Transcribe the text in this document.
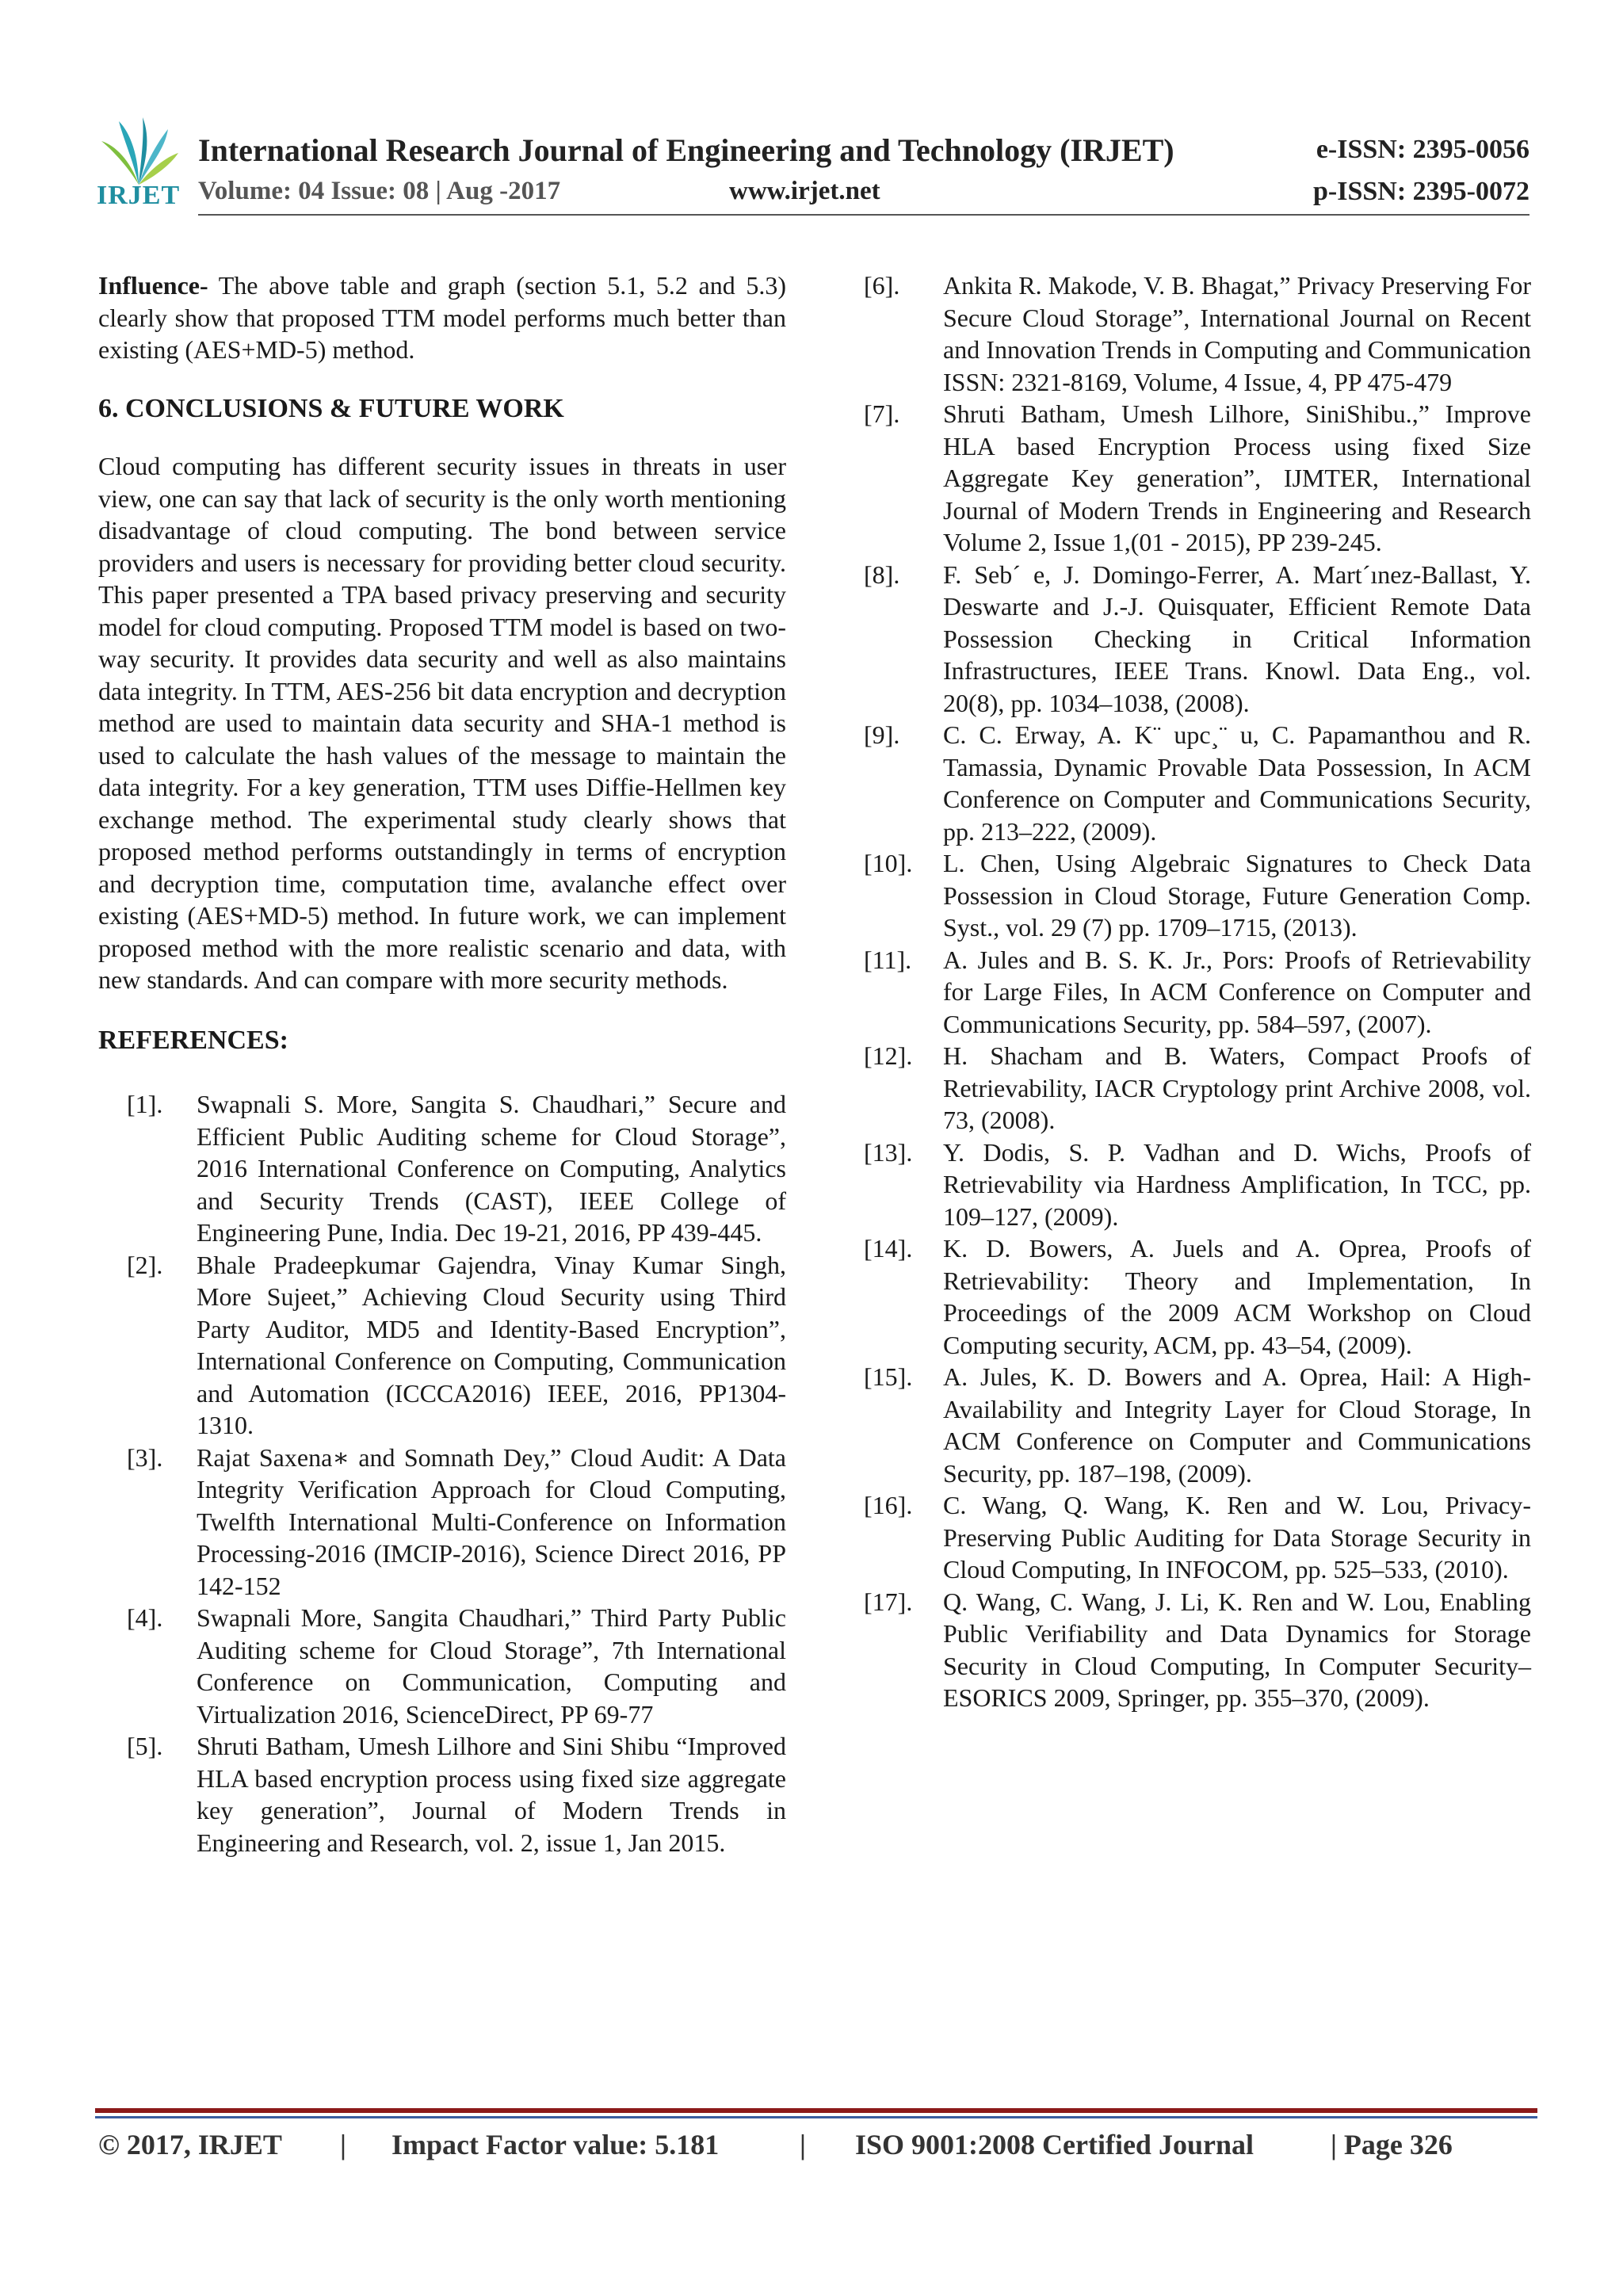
IRJET
International Research Journal of Engineering and Technology (IRJET)	e-ISSN: 2395-0056
Volume: 04 Issue: 08 | Aug -2017	www.irjet.net	p-ISSN: 2395-0072

Influence- The above table and graph (section 5.1, 5.2 and 5.3) clearly show that proposed TTM model performs much better than existing (AES+MD-5) method.

6. CONCLUSIONS & FUTURE WORK

Cloud computing has different security issues in threats in user view, one can say that lack of security is the only worth mentioning disadvantage of cloud computing. The bond between service providers and users is necessary for providing better cloud security. This paper presented a TPA based privacy preserving and security model for cloud computing. Proposed TTM model is based on two-way security. It provides data security and well as also maintains data integrity. In TTM, AES-256 bit data encryption and decryption method are used to maintain data security and SHA-1 method is used to calculate the hash values of the message to maintain the data integrity. For a key generation, TTM uses Diffie-Hellmen key exchange method. The experimental study clearly shows that proposed method performs outstandingly in terms of encryption and decryption time, computation time, avalanche effect over existing (AES+MD-5) method. In future work, we can implement proposed method with the more realistic scenario and data, with new standards. And can compare with more security methods.

REFERENCES:

[1]. Swapnali S. More, Sangita S. Chaudhari,” Secure and Efficient Public Auditing scheme for Cloud Storage”, 2016 International Conference on Computing, Analytics and Security Trends (CAST), IEEE College of Engineering Pune, India. Dec 19-21, 2016, PP 439-445.

[2]. Bhale Pradeepkumar Gajendra, Vinay Kumar Singh, More Sujeet,” Achieving Cloud Security using Third Party Auditor, MD5 and Identity-Based Encryption”, International Conference on Computing, Communication and Automation (ICCCA2016) IEEE, 2016, PP1304-1310.

[3]. Rajat Saxena∗ and Somnath Dey,” Cloud Audit: A Data Integrity Verification Approach for Cloud Computing, Twelfth International Multi-Conference on Information Processing-2016 (IMCIP-2016), Science Direct 2016, PP 142-152

[4]. Swapnali More, Sangita Chaudhari,” Third Party Public Auditing scheme for Cloud Storage”, 7th International Conference on Communication, Computing and Virtualization 2016, ScienceDirect, PP 69-77

[5]. Shruti Batham, Umesh Lilhore and Sini Shibu “Improved HLA based encryption process using fixed size aggregate key generation”, Journal of Modern Trends in Engineering and Research, vol. 2, issue 1, Jan 2015.

[6]. Ankita R. Makode, V. B. Bhagat,” Privacy Preserving For Secure Cloud Storage”, International Journal on Recent and Innovation Trends in Computing and Communication ISSN: 2321-8169, Volume, 4 Issue, 4, PP 475-479

[7]. Shruti Batham, Umesh Lilhore, SiniShibu.,” Improve HLA based Encryption Process using fixed Size Aggregate Key generation”, IJMTER, International Journal of Modern Trends in Engineering and Research Volume 2, Issue 1,(01 - 2015), PP 239-245.

[8]. F. Seb´ e, J. Domingo-Ferrer, A. Mart´ınez-Ballast, Y. Deswarte and J.-J. Quisquater, Efficient Remote Data Possession Checking in Critical Information Infrastructures, IEEE Trans. Knowl. Data Eng., vol. 20(8), pp. 1034–1038, (2008).

[9]. C. C. Erway, A. K¨ upc¸¨ u, C. Papamanthou and R. Tamassia, Dynamic Provable Data Possession, In ACM Conference on Computer and Communications Security, pp. 213–222, (2009).

[10]. L. Chen, Using Algebraic Signatures to Check Data Possession in Cloud Storage, Future Generation Comp. Syst., vol. 29 (7) pp. 1709–1715, (2013).

[11]. A. Jules and B. S. K. Jr., Pors: Proofs of Retrievability for Large Files, In ACM Conference on Computer and Communications Security, pp. 584–597, (2007).

[12]. H. Shacham and B. Waters, Compact Proofs of Retrievability, IACR Cryptology print Archive 2008, vol. 73, (2008).

[13]. Y. Dodis, S. P. Vadhan and D. Wichs, Proofs of Retrievability via Hardness Amplification, In TCC, pp. 109–127, (2009).

[14]. K. D. Bowers, A. Juels and A. Oprea, Proofs of Retrievability: Theory and Implementation, In Proceedings of the 2009 ACM Workshop on Cloud Computing security, ACM, pp. 43–54, (2009).

[15]. A. Jules, K. D. Bowers and A. Oprea, Hail: A High-Availability and Integrity Layer for Cloud Storage, In ACM Conference on Computer and Communications Security, pp. 187–198, (2009).

[16]. C. Wang, Q. Wang, K. Ren and W. Lou, Privacy-Preserving Public Auditing for Data Storage Security in Cloud Computing, In INFOCOM, pp. 525–533, (2010).

[17]. Q. Wang, C. Wang, J. Li, K. Ren and W. Lou, Enabling Public Verifiability and Data Dynamics for Storage Security in Cloud Computing, In Computer Security– ESORICS 2009, Springer, pp. 355–370, (2009).

© 2017, IRJET | Impact Factor value: 5.181	| ISO 9001:2008 Certified Journal	| Page 326
